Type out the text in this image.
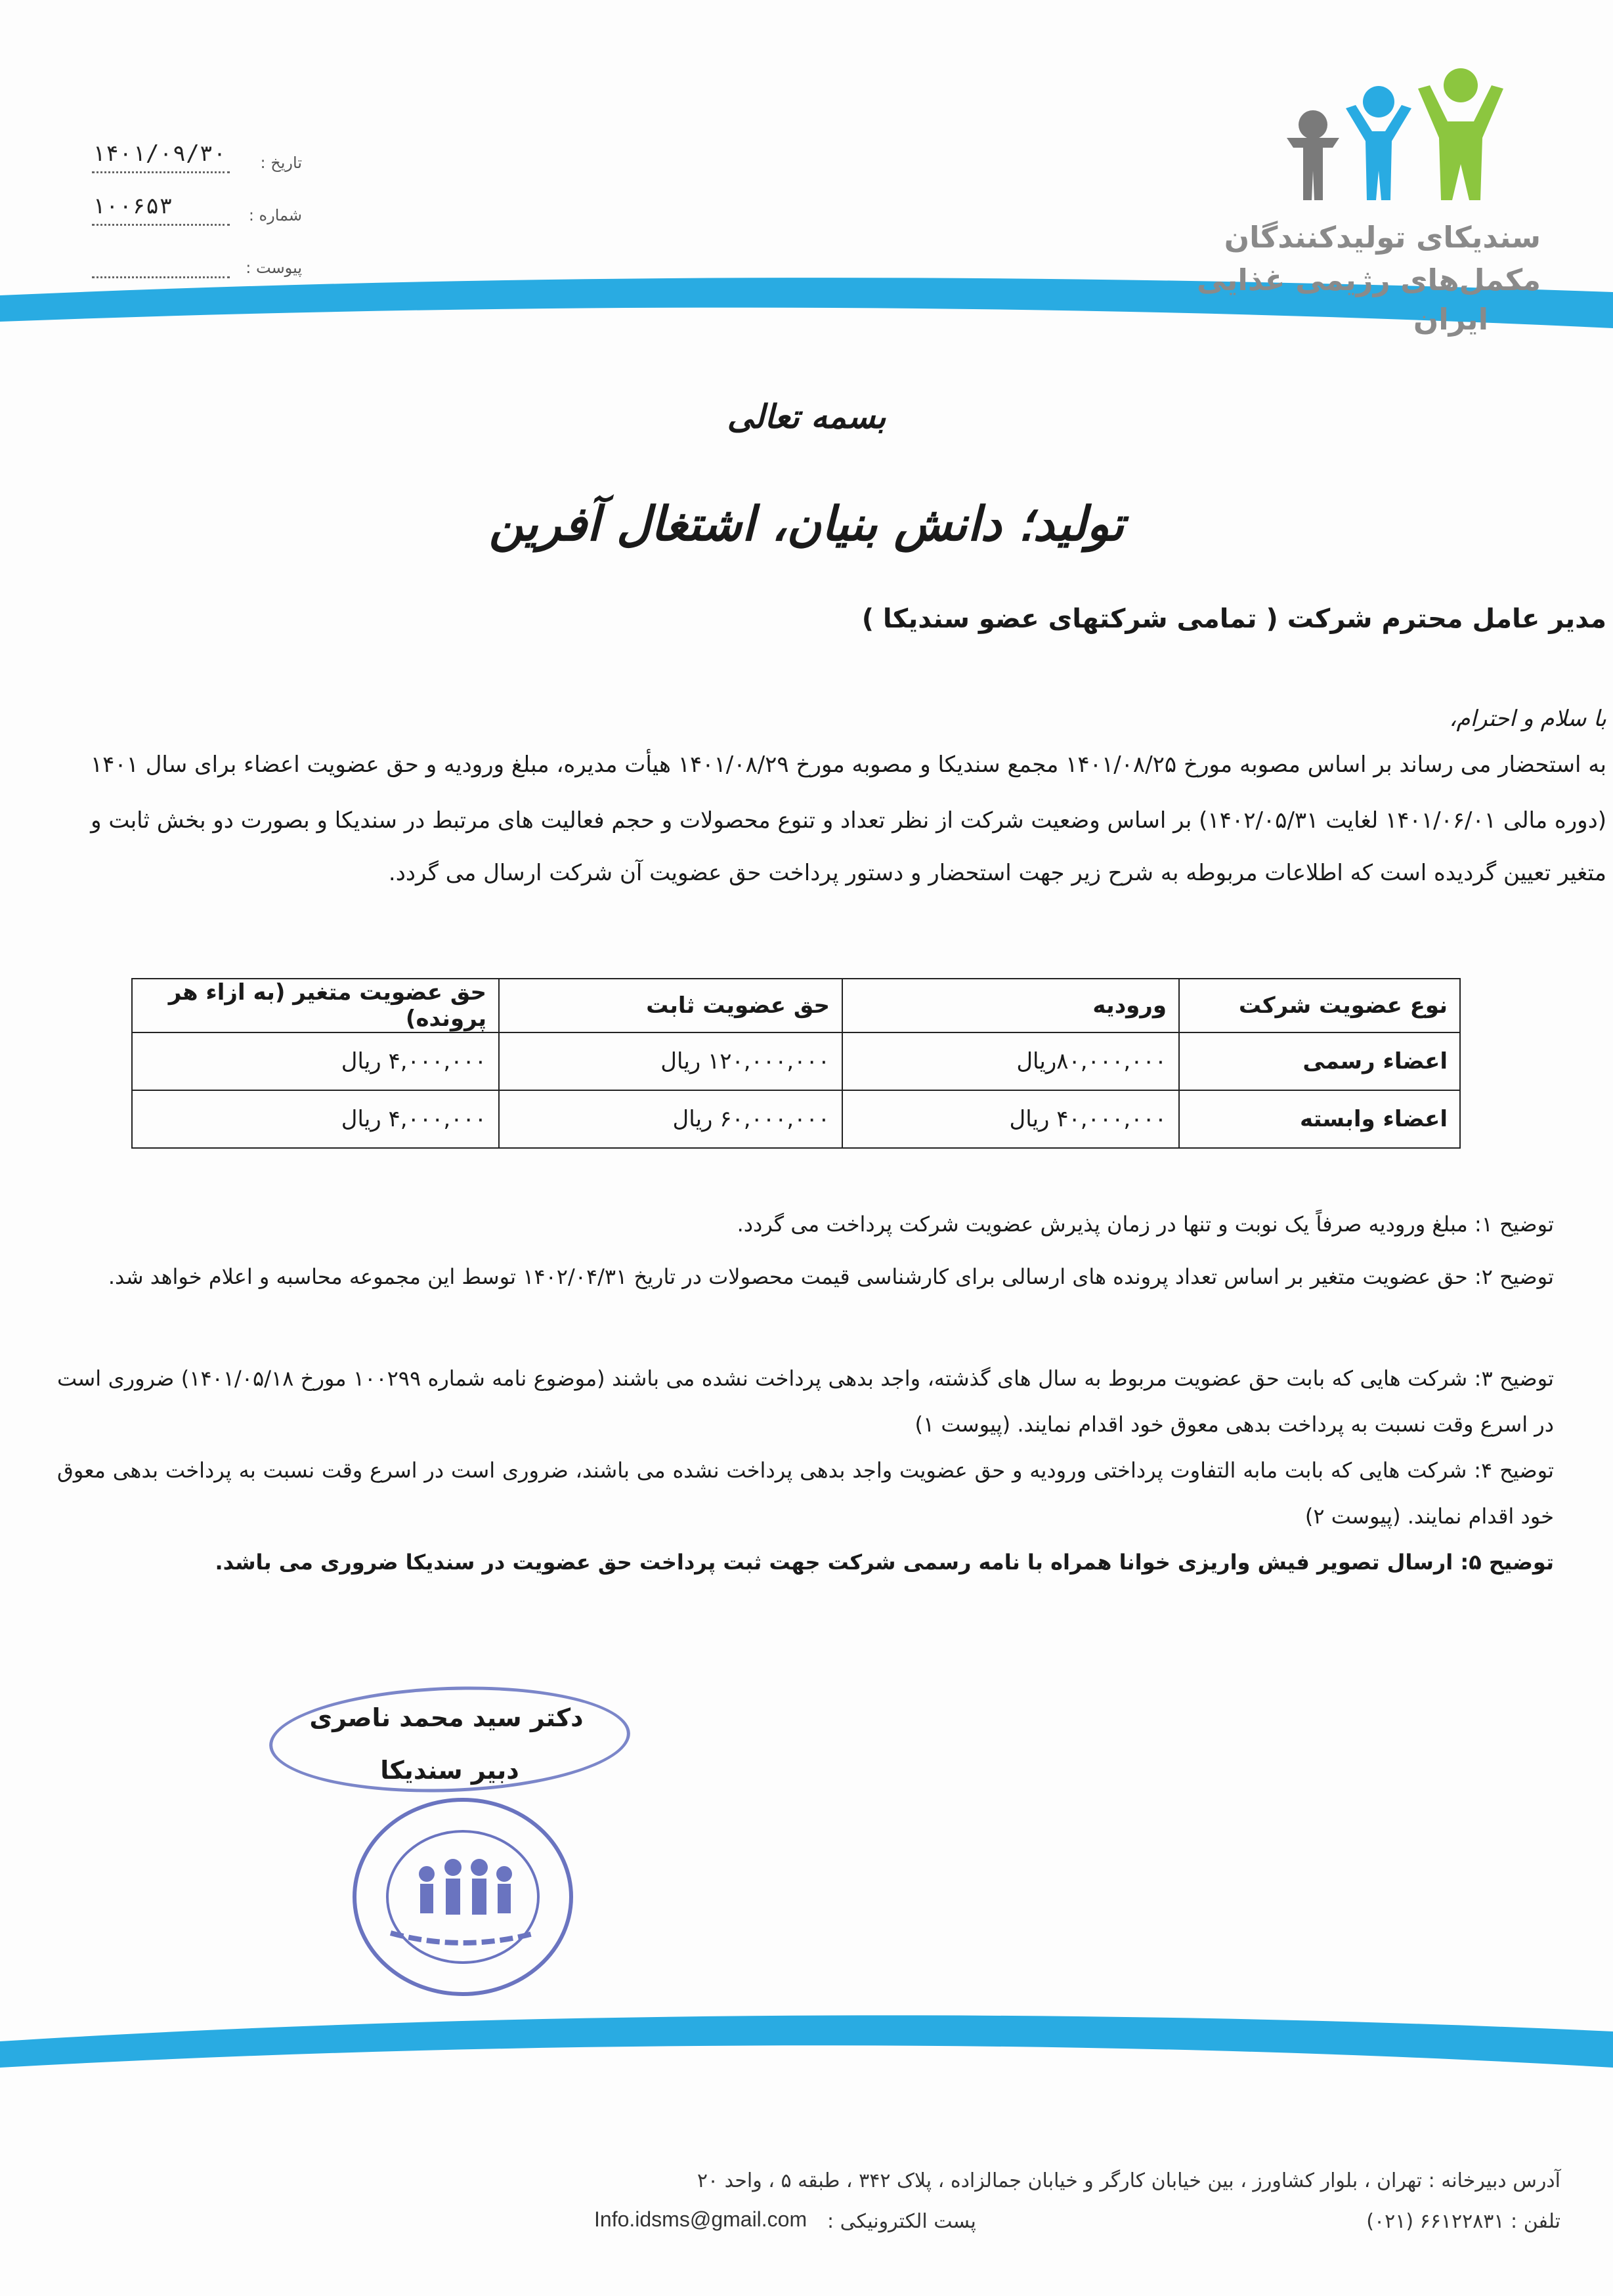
تاریخ :
۱۴۰۱/۰۹/۳۰
شماره :
۱۰۰۶۵۳
پیوست :
سندیکای تولیدکنندگان
مکمل‌های رژیمی غذایی
ایران
بسمه تعالی
تولید؛ دانش بنیان، اشتغال آفرین
مدیر عامل محترم شرکت ( تمامی شرکتهای عضو سندیکا )
با سلام و احترام،
به استحضار می رساند بر اساس مصوبه مورخ ۱۴۰۱/۰۸/۲۵ مجمع سندیکا و مصوبه مورخ ۱۴۰۱/۰۸/۲۹ هیأت مدیره، مبلغ ورودیه و حق عضویت اعضاء برای سال ۱۴۰۱
(دوره مالی ۱۴۰۱/۰۶/۰۱ لغایت ۱۴۰۲/۰۵/۳۱) بر اساس وضعیت شرکت از نظر تعداد و تنوع محصولات و حجم فعالیت های مرتبط در سندیکا و بصورت دو بخش ثابت و
متغیر تعیین گردیده است که اطلاعات مربوطه به شرح زیر جهت استحضار و دستور پرداخت حق عضویت آن شرکت ارسال می گردد.
نوع عضویت شرکت	ورودیه	حق عضویت ثابت	حق عضویت متغیر (به ازاء هر پرونده)
اعضاء رسمی	۸۰,۰۰۰,۰۰۰ریال	۱۲۰,۰۰۰,۰۰۰ ریال	۴,۰۰۰,۰۰۰ ریال
اعضاء وابسته	۴۰,۰۰۰,۰۰۰ ریال	۶۰,۰۰۰,۰۰۰ ریال	۴,۰۰۰,۰۰۰ ریال
توضیح ۱: مبلغ ورودیه صرفاً یک نوبت و تنها در زمان پذیرش عضویت شرکت پرداخت می گردد.
توضیح ۲: حق عضویت متغیر بر اساس تعداد پرونده های ارسالی برای کارشناسی قیمت محصولات در تاریخ ۱۴۰۲/۰۴/۳۱ توسط این مجموعه محاسبه و اعلام خواهد شد.
توضیح ۳: شرکت هایی که بابت حق عضویت مربوط به سال های گذشته، واجد بدهی پرداخت نشده می باشند (موضوع نامه شماره ۱۰۰۲۹۹ مورخ ۱۴۰۱/۰۵/۱۸) ضروری است در اسرع وقت نسبت به پرداخت بدهی معوق خود اقدام نمایند. (پیوست ۱)
توضیح ۴: شرکت هایی که بابت مابه التفاوت پرداختی ورودیه و حق عضویت واجد بدهی پرداخت نشده می باشند، ضروری است در اسرع وقت نسبت به پرداخت بدهی معوق خود اقدام نمایند. (پیوست ۲)
توضیح ۵: ارسال تصویر فیش واریزی خوانا همراه با نامه رسمی شرکت جهت ثبت پرداخت حق عضویت در سندیکا ضروری می باشد.
دکتر سید محمد ناصری
دبیر سندیکا
آدرس دبیرخانه : تهران ، بلوار کشاورز ، بین خیابان کارگر و خیابان جمالزاده ، پلاک ۳۴۲ ، طبقه ۵ ، واحد ۲۰
تلفن : ۶۶۱۲۲۸۳۱ (۰۲۱)
پست الکترونیکی :
Info.idsms@gmail.com
